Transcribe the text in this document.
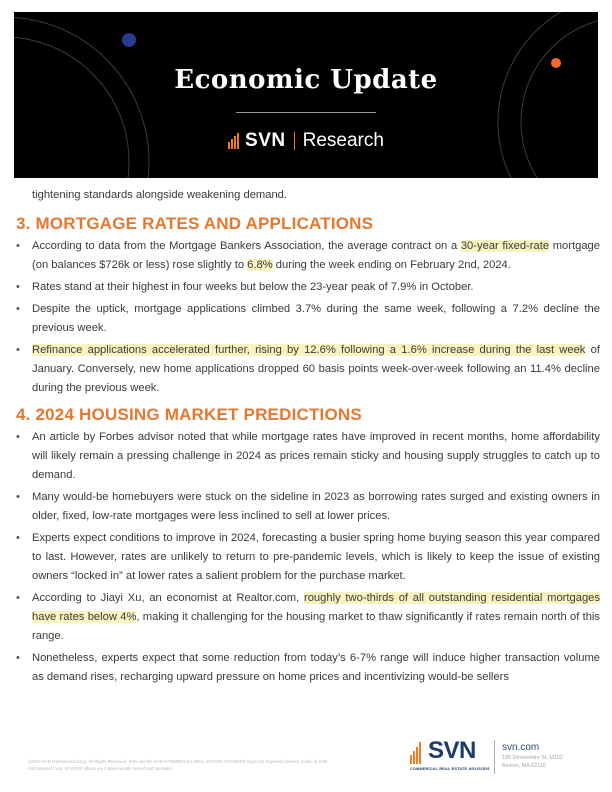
Economic Update
SVN Research

tightening standards alongside weakening demand.

3. MORTGAGE RATES AND APPLICATIONS
• According to data from the Mortgage Bankers Association, the average contract on a 30-year fixed-rate mortgage (on balances $726k or less) rose slightly to 6.8% during the week ending on February 2nd, 2024.
• Rates stand at their highest in four weeks but below the 23-year peak of 7.9% in October.
• Despite the uptick, mortgage applications climbed 3.7% during the same week, following a 7.2% decline the previous week.
• Refinance applications accelerated further, rising by 12.6% following a 1.6% increase during the last week of January. Conversely, new home applications dropped 60 basis points week-over-week following an 11.4% decline during the previous week.
4. 2024 HOUSING MARKET PREDICTIONS
• An article by Forbes advisor noted that while mortgage rates have improved in recent months, home affordability will likely remain a pressing challenge in 2024 as prices remain sticky and housing supply struggles to catch up to demand.
• Many would-be homebuyers were stuck on the sideline in 2023 as borrowing rates surged and existing owners in older, fixed, low-rate mortgages were less inclined to sell at lower prices.
• Experts expect conditions to improve in 2024, forecasting a busier spring home buying season this year compared to last. However, rates are unlikely to return to pre-pandemic levels, which is likely to keep the issue of existing owners “locked in” at lower rates a salient problem for the purchase market.
• According to Jiayi Xu, an economist at Realtor.com, roughly two-thirds of all outstanding residential mortgages have rates below 4%, making it challenging for the housing market to thaw significantly if rates remain north of this range.
• Nonetheless, experts expect that some reduction from today’s 6-7% range will induce higher transaction volume as demand rises, recharging upward pressure on home prices and incentivizing would-be sellers
©2024 SVN International Corp. All Rights Reserved. SVN and the SVN COMMERCIAL REAL ESTATE ADVISORS logos are registered service marks of SVN International Corp. All SVN® offices are independently owned and operated.
SVN
COMMERCIAL REAL ESTATE ADVISORS
svn.com
185 Devonshire St, M102
Boston, MA 02110
